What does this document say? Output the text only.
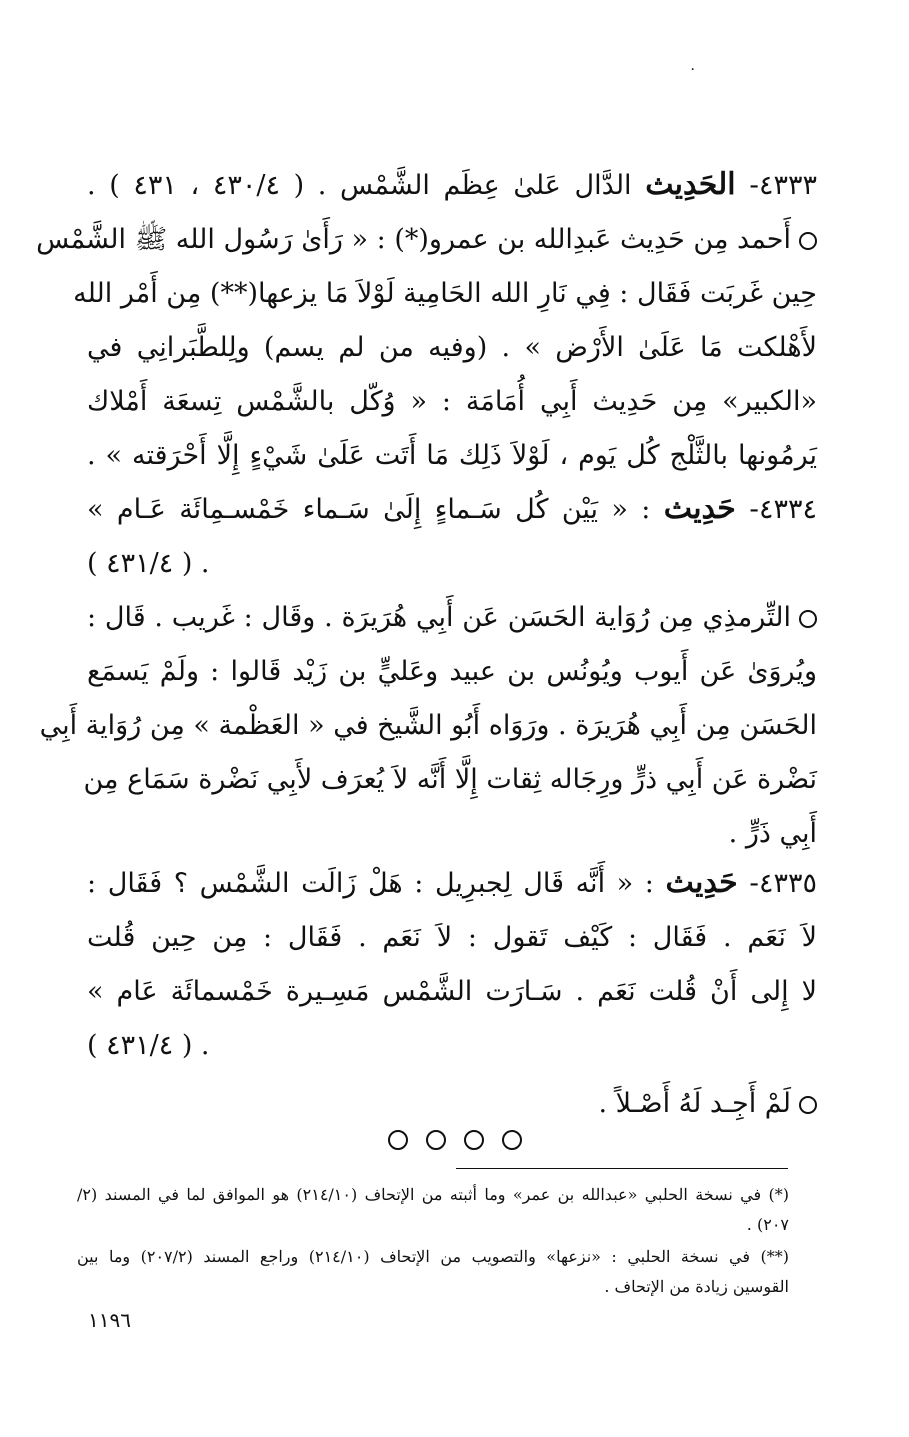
·
٤٣٣٣- الحَدِيث الدَّال عَلىٰ عِظَم الشَّمْس . ( ٤٣٠/٤ ، ٤٣١ ) .
أَحمد مِن حَدِيث عَبدِالله بن عمرو(*) : « رَأَىٰ رَسُول الله ﷺ الشَّمْس
حِين غَربَت فَقَال : فِي نَارِ الله الحَامِية لَوْلاَ مَا يزعها(**) مِن أَمْر الله
لأَهْلكت مَا عَلَىٰ الأَرْض » . (وفيه من لم يسم) ولِلطَّبَرانِي في
«الكبير» مِن حَدِيث أَبِي أُمَامَة : « وُكّل بالشَّمْس تِسعَة أَمْلاك
يَرمُونها بالثَّلْج كُل يَوم ، لَوْلاَ ذَلِك مَا أَتَت عَلَىٰ شَيْءٍ إِلَّا أَحْرَقته » .
٤٣٣٤- حَدِيث : « يَيْن كُل سَـماءٍ إِلَىٰ سَـماء خَمْسـمِائَة عَـام »
. ( ٤٣١/٤ )
التِّرمذِي مِن رُوَاية الحَسَن عَن أَبِي هُرَيرَة . وقَال : غَريب . قَال :
ويُروَىٰ عَن أَيوب ويُونُس بن عبيد وعَليٍّ بن زَيْد قَالوا : ولَمْ يَسمَع
الحَسَن مِن أَبِي هُرَيرَة . ورَوَاه أَبُو الشَّيخ في « العَظْمة » مِن رُوَاية أَبِي
نَضْرة عَن أَبِي ذرٍّ ورِجَاله ثِقات إِلَّا أَنَّه لاَ يُعرَف لأَبِي نَضْرة سَمَاع مِن
أَبِي ذَرٍّ .
٤٣٣٥- حَدِيث : « أَنَّه قَال لِجبرِيل : هَلْ زَالَت الشَّمْس ؟ فَقَال :
لاَ نَعَم . فَقَال : كَيْف تَقول : لاَ نَعَم . فَقَال : مِن حِين قُلت
لا إِلى أَنْ قُلت نَعَم . سَـارَت الشَّمْس مَسِـيرة خَمْسمائَة عَام »
. ( ٤٣١/٤ )
لَمْ أَجِـد لَهُ أَصْـلاً .
(*) في نسخة الحلبي «عبدالله بن عمر» وما أثبته من الإتحاف (٢١٤/١٠) هو الموافق لما في المسند (٢/
٢٠٧) .
(**) في نسخة الحلبي : «نزعها» والتصويب من الإتحاف (٢١٤/١٠) وراجع المسند (٢٠٧/٢) وما بين
القوسين زيادة من الإتحاف .
١١٩٦
